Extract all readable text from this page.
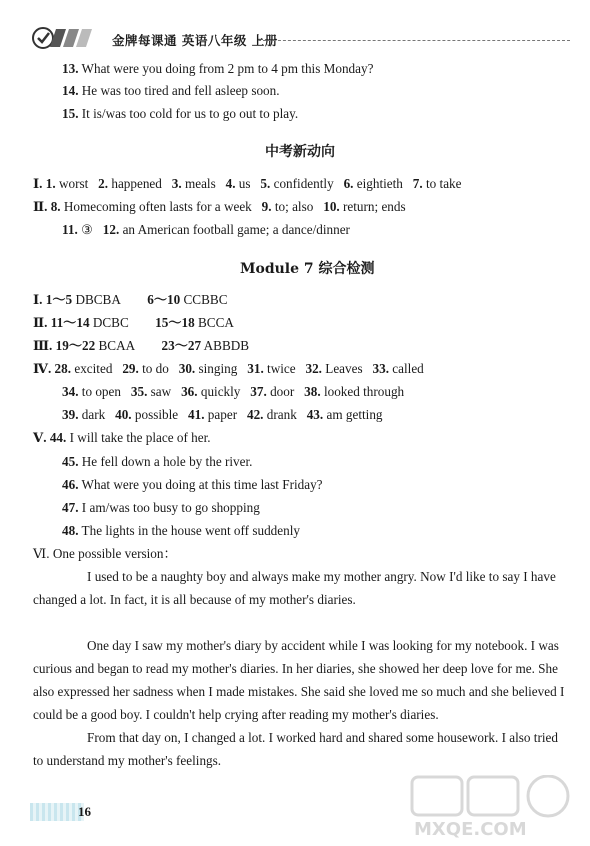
金牌每课通 英语八年级 上册
13. What were you doing from 2 pm to 4 pm this Monday?
14. He was too tired and fell asleep soon.
15. It is/was too cold for us to go out to play.
中考新动向
Ⅰ. 1. worst 2. happened 3. meals 4. us 5. confidently 6. eightieth 7. to take
Ⅱ. 8. Homecoming often lasts for a week 9. to; also 10. return; ends
11. ③ 12. an American football game; a dance/dinner
Module 7 综合检测
Ⅰ. 1～5 DBCBA 6～10 CCBBC
Ⅱ. 11～14 DCBC 15～18 BCCA
Ⅲ. 19～22 BCAA 23～27 ABBDB
Ⅳ. 28. excited 29. to do 30. singing 31. twice 32. Leaves 33. called
34. to open 35. saw 36. quickly 37. door 38. looked through
39. dark 40. possible 41. paper 42. drank 43. am getting
Ⅴ. 44. I will take the place of her.
45. He fell down a hole by the river.
46. What were you doing at this time last Friday?
47. I am/was too busy to go shopping
48. The lights in the house went off suddenly
Ⅵ. One possible version：
I used to be a naughty boy and always make my mother angry. Now I'd like to say I have changed a lot. In fact, it is all because of my mother's diaries.
One day I saw my mother's diary by accident while I was looking for my notebook. I was curious and began to read my mother's diaries. In her diaries, she showed her deep love for me. She also expressed her sadness when I made mistakes. She said she loved me so much and she believed I could be a good boy. I couldn't help crying after reading my mother's diaries.
From that day on, I changed a lot. I worked hard and shared some housework. I also tried to understand my mother's feelings.
16
MXQE.COM
